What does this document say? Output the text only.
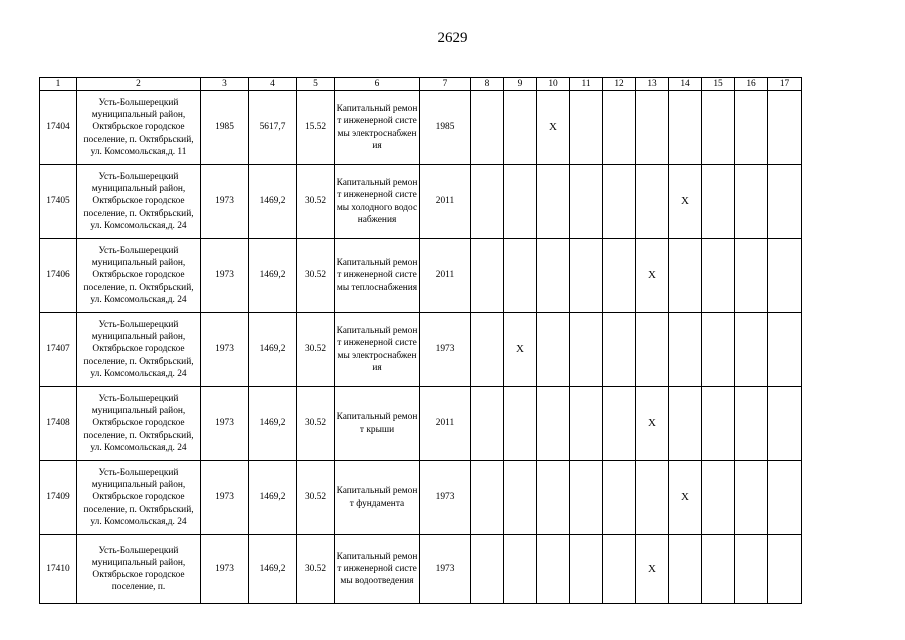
2629
1	2	3	4	5	6	7	8	9	10	11	12	13	14	15	16	17
17404	Усть-Большерецкий муниципальный район, Октябрьское городское поселение, п. Октябрьский, ул. Комсомольская,д. 11	1985	5617,7	15.52	Капитальный ремонт инженерной системы электроснабжения	1985			X							
17405	Усть-Большерецкий муниципальный район, Октябрьское городское поселение, п. Октябрьский, ул. Комсомольская,д. 24	1973	1469,2	30.52	Капитальный ремонт инженерной системы холодного водоснабжения	2011							X			
17406	Усть-Большерецкий муниципальный район, Октябрьское городское поселение, п. Октябрьский, ул. Комсомольская,д. 24	1973	1469,2	30.52	Капитальный ремонт инженерной системы теплоснабжения	2011						X				
17407	Усть-Большерецкий муниципальный район, Октябрьское городское поселение, п. Октябрьский, ул. Комсомольская,д. 24	1973	1469,2	30.52	Капитальный ремонт инженерной системы электроснабжения	1973		X								
17408	Усть-Большерецкий муниципальный район, Октябрьское городское поселение, п. Октябрьский, ул. Комсомольская,д. 24	1973	1469,2	30.52	Капитальный ремонт крыши	2011						X				
17409	Усть-Большерецкий муниципальный район, Октябрьское городское поселение, п. Октябрьский, ул. Комсомольская,д. 24	1973	1469,2	30.52	Капитальный ремонт фундамента	1973							X			
17410	Усть-Большерецкий муниципальный район, Октябрьское городское поселение, п.	1973	1469,2	30.52	Капитальный ремонт инженерной системы водоотведения	1973						X				
